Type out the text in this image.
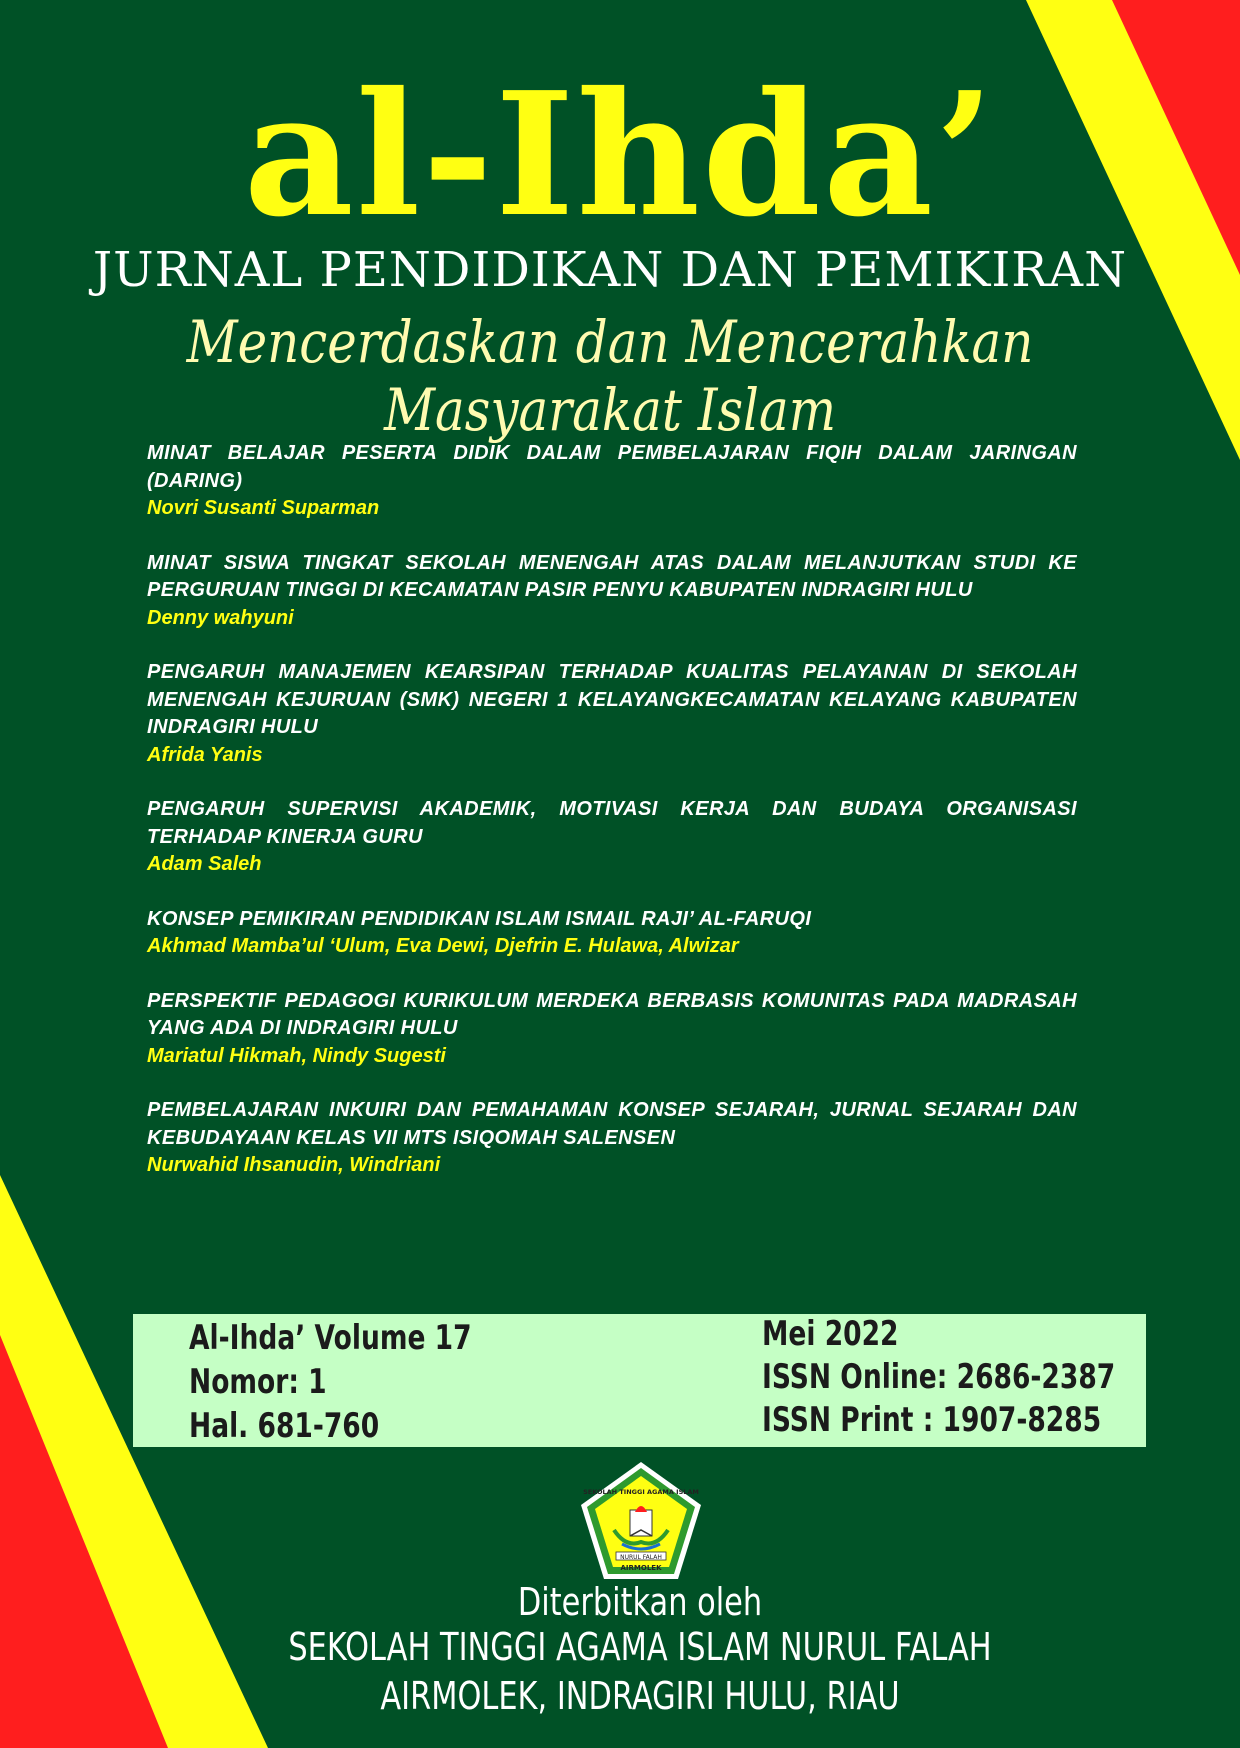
al-Ihda’
JURNAL PENDIDIKAN DAN PEMIKIRAN
Mencerdaskan dan Mencerahkan Masyarakat Islam
MINAT BELAJAR PESERTA DIDIK DALAM PEMBELAJARAN FIQIH DALAM JARINGAN (DARING)
Novri Susanti Suparman
MINAT SISWA TINGKAT SEKOLAH MENENGAH ATAS DALAM MELANJUTKAN STUDI KE PERGURUAN TINGGI DI KECAMATAN PASIR PENYU KABUPATEN INDRAGIRI HULU
Denny wahyuni
PENGARUH MANAJEMEN KEARSIPAN TERHADAP KUALITAS PELAYANAN DI SEKOLAH MENENGAH KEJURUAN (SMK) NEGERI 1 KELAYANGKECAMATAN KELAYANG KABUPATEN INDRAGIRI HULU
Afrida Yanis
PENGARUH SUPERVISI AKADEMIK, MOTIVASI KERJA DAN BUDAYA ORGANISASI TERHADAP KINERJA GURU
Adam Saleh
KONSEP PEMIKIRAN PENDIDIKAN ISLAM ISMAIL RAJI’ AL-FARUQI
Akhmad Mamba’ul ‘Ulum, Eva Dewi, Djefrin E. Hulawa, Alwizar
PERSPEKTIF PEDAGOGI KURIKULUM MERDEKA BERBASIS KOMUNITAS PADA MADRASAH YANG ADA DI INDRAGIRI HULU
Mariatul Hikmah, Nindy Sugesti
PEMBELAJARAN INKUIRI DAN PEMAHAMAN KONSEP SEJARAH, JURNAL SEJARAH DAN KEBUDAYAAN KELAS VII MTS ISIQOMAH SALENSEN
Nurwahid Ihsanudin, Windriani
Al-Ihda’ Volume 17
Nomor: 1
Hal. 681-760
Mei 2022
ISSN Online: 2686-2387
ISSN Print : 1907-8285
NURUL FALAH
AIRMOLEK
SEKOLAH TINGGI AGAMA ISLAM
Diterbitkan oleh
SEKOLAH TINGGI AGAMA ISLAM NURUL FALAH
AIRMOLEK, INDRAGIRI HULU, RIAU
